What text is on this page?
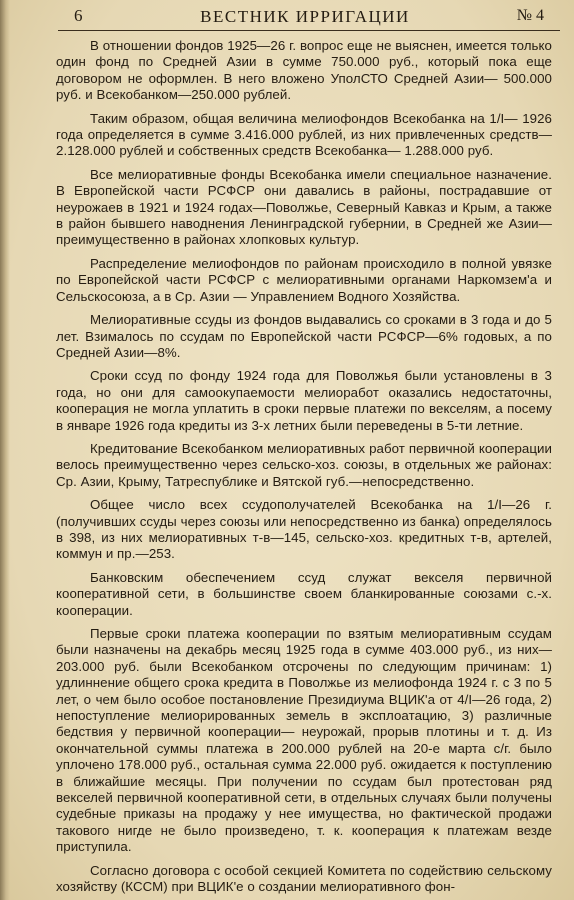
6	ВЕСТНИК ИРРИГАЦИИ	№ 4

В отношении фондов 1925—26 г. вопрос еще не выяснен, имеется только один фонд по Средней Азии в сумме 750.000 руб., который пока еще договором не оформлен. В него вложено УполСТО Средней Азии— 500.000 руб. и Всекобанком—250.000 рублей.

Таким образом, общая величина мелиофондов Всекобанка на 1/I— 1926 года определяется в сумме 3.416.000 рублей, из них привлеченных средств—2.128.000 рублей и собственных средств Всекобанка— 1.288.000 руб.

Все мелиоративные фонды Всекобанка имели специальное назначение. В Европейской части РСФСР они давались в районы, пострадавшие от неурожаев в 1921 и 1924 годах—Поволжье, Северный Кавказ и Крым, а также в район бывшего наводнения Ленинградской губернии, в Средней же Азии—преимущественно в районах хлопковых культур.

Распределение мелиофондов по районам происходило в полной увязке по Европейской части РСФСР с мелиоративными органами Наркомзем'а и Сельскосоюза, а в Ср. Азии — Управлением Водного Хозяйства.

Мелиоративные ссуды из фондов выдавались со сроками в 3 года и до 5 лет. Взималось по ссудам по Европейской части РСФСР—6% годовых, а по Средней Азии—8%.

Сроки ссуд по фонду 1924 года для Поволжья были установлены в 3 года, но они для самоокупаемости мелиоработ оказались недостаточны, кооперация не могла уплатить в сроки первые платежи по векселям, а посему в январе 1926 года кредиты из 3-х летних были переведены в 5-ти летние.

Кредитование Всекобанком мелиоративных работ первичной кооперации велось преимущественно через сельско-хоз. союзы, в отдельных же районах: Ср. Азии, Крыму, Татреспублике и Вятской губ.—непосредственно.

Общее число всех ссудополучателей Всекобанка на 1/I—26 г. (получивших ссуды через союзы или непосредственно из банка) определялось в 398, из них мелиоративных т-в—145, сельско-хоз. кредитных т-в, артелей, коммун и пр.—253.

Банковским обеспечением ссуд служат векселя первичной кооперативной сети, в большинстве своем бланкированные союзами с.-х. кооперации.

Первые сроки платежа кооперации по взятым мелиоративным ссудам были назначены на декабрь месяц 1925 года в сумме 403.000 руб., из них—203.000 руб. были Всекобанком отсрочены по следующим причинам: 1) удлиннение общего срока кредита в Поволжье из мелиофонда 1924 г. с 3 по 5 лет, о чем было особое постановление Президиума ВЦИК'а от 4/I—26 года, 2) непоступление мелиорированных земель в эксплоатацию, 3) различные бедствия у первичной кооперации— неурожай, прорыв плотины и т. д. Из окончательной суммы платежа в 200.000 рублей на 20-е марта с/г. было уплочено 178.000 руб., остальная сумма 22.000 руб. ожидается к поступлению в ближайшие месяцы. При получении по ссудам был протестован ряд векселей первичной кооперативной сети, в отдельных случаях были получены судебные приказы на продажу у нее имущества, но фактической продажи такового нигде не было произведено, т. к. кооперация к платежам везде приступила.

Согласно договора с особой секцией Комитета по содействию сельскому хозяйству (КССМ) при ВЦИК'е о создании мелиоративного фон-
